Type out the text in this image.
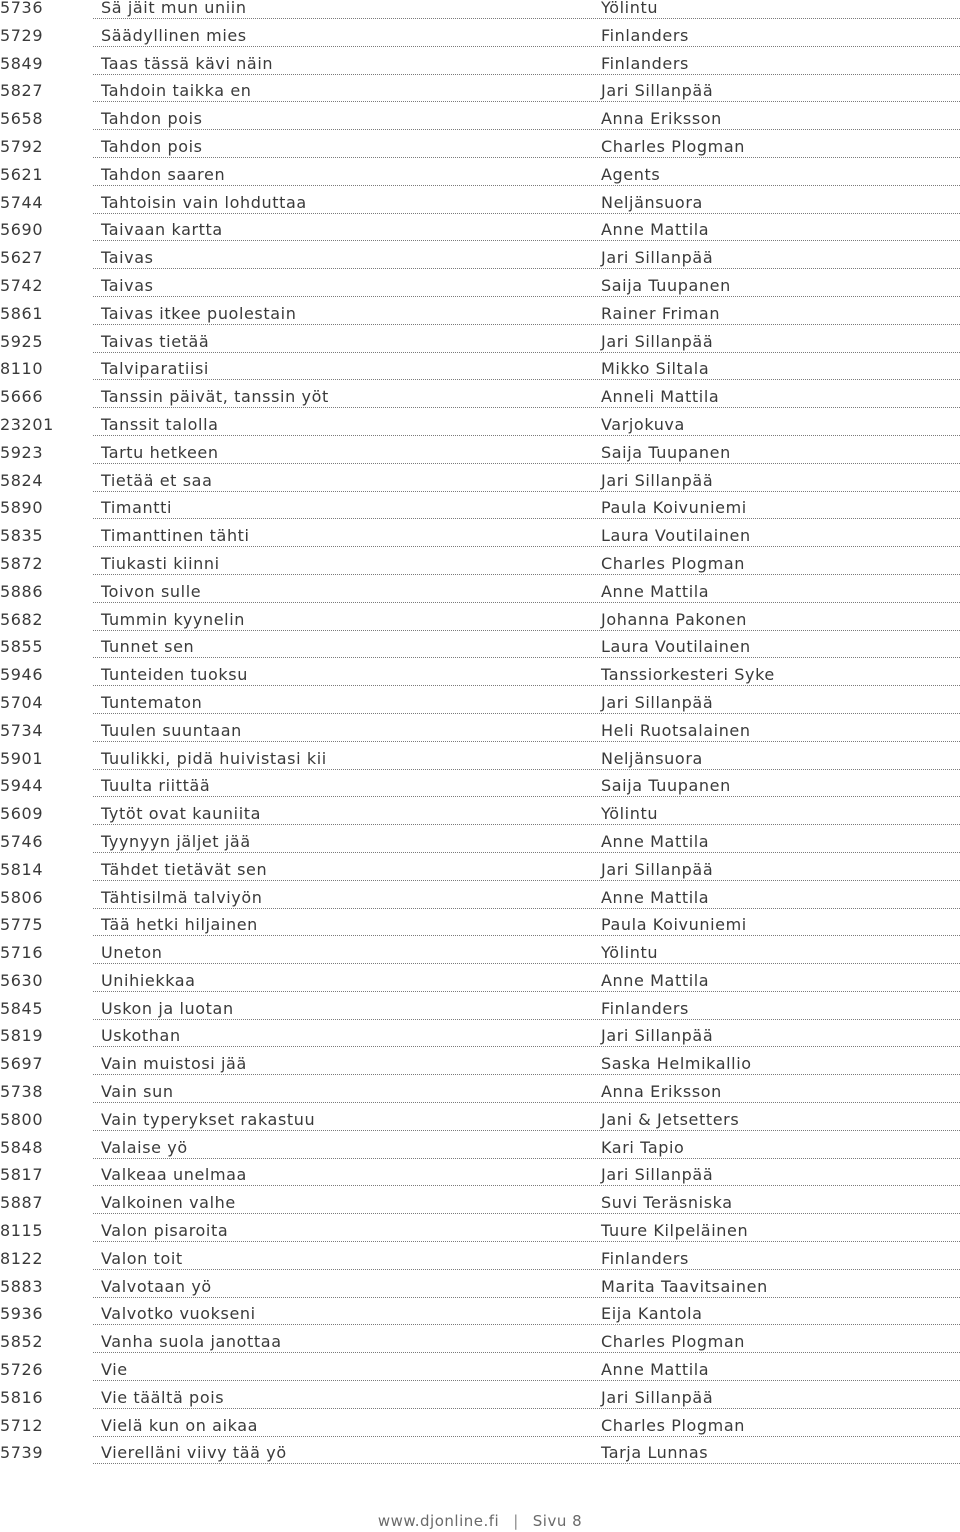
5736	Sä jäit mun uniin	Yölintu
5729	Säädyllinen mies	Finlanders
5849	Taas tässä kävi näin	Finlanders
5827	Tahdoin taikka en	Jari Sillanpää
5658	Tahdon pois	Anna Eriksson
5792	Tahdon pois	Charles Plogman
5621	Tahdon saaren	Agents
5744	Tahtoisin vain lohduttaa	Neljänsuora
5690	Taivaan kartta	Anne Mattila
5627	Taivas	Jari Sillanpää
5742	Taivas	Saija Tuupanen
5861	Taivas itkee puolestain	Rainer Friman
5925	Taivas tietää	Jari Sillanpää
8110	Talviparatiisi	Mikko Siltala
5666	Tanssin päivät, tanssin yöt	Anneli Mattila
23201	Tanssit talolla	Varjokuva
5923	Tartu hetkeen	Saija Tuupanen
5824	Tietää et saa	Jari Sillanpää
5890	Timantti	Paula Koivuniemi
5835	Timanttinen tähti	Laura Voutilainen
5872	Tiukasti kiinni	Charles Plogman
5886	Toivon sulle	Anne Mattila
5682	Tummin kyynelin	Johanna Pakonen
5855	Tunnet sen	Laura Voutilainen
5946	Tunteiden tuoksu	Tanssiorkesteri Syke
5704	Tuntematon	Jari Sillanpää
5734	Tuulen suuntaan	Heli Ruotsalainen
5901	Tuulikki, pidä huivistasi kii	Neljänsuora
5944	Tuulta riittää	Saija Tuupanen
5609	Tytöt ovat kauniita	Yölintu
5746	Tyynyyn jäljet jää	Anne Mattila
5814	Tähdet tietävät sen	Jari Sillanpää
5806	Tähtisilmä talviyön	Anne Mattila
5775	Tää hetki hiljainen	Paula Koivuniemi
5716	Uneton	Yölintu
5630	Unihiekkaa	Anne Mattila
5845	Uskon ja luotan	Finlanders
5819	Uskothan	Jari Sillanpää
5697	Vain muistosi jää	Saska Helmikallio
5738	Vain sun	Anna Eriksson
5800	Vain typerykset rakastuu	Jani & Jetsetters
5848	Valaise yö	Kari Tapio
5817	Valkeaa unelmaa	Jari Sillanpää
5887	Valkoinen valhe	Suvi Teräsniska
8115	Valon pisaroita	Tuure Kilpeläinen
8122	Valon toit	Finlanders
5883	Valvotaan yö	Marita Taavitsainen
5936	Valvotko vuokseni	Eija Kantola
5852	Vanha suola janottaa	Charles Plogman
5726	Vie	Anne Mattila
5816	Vie täältä pois	Jari Sillanpää
5712	Vielä kun on aikaa	Charles Plogman
5739	Vierelläni viivy tää yö	Tarja Lunnas
www.djonline.fi | Sivu 8
